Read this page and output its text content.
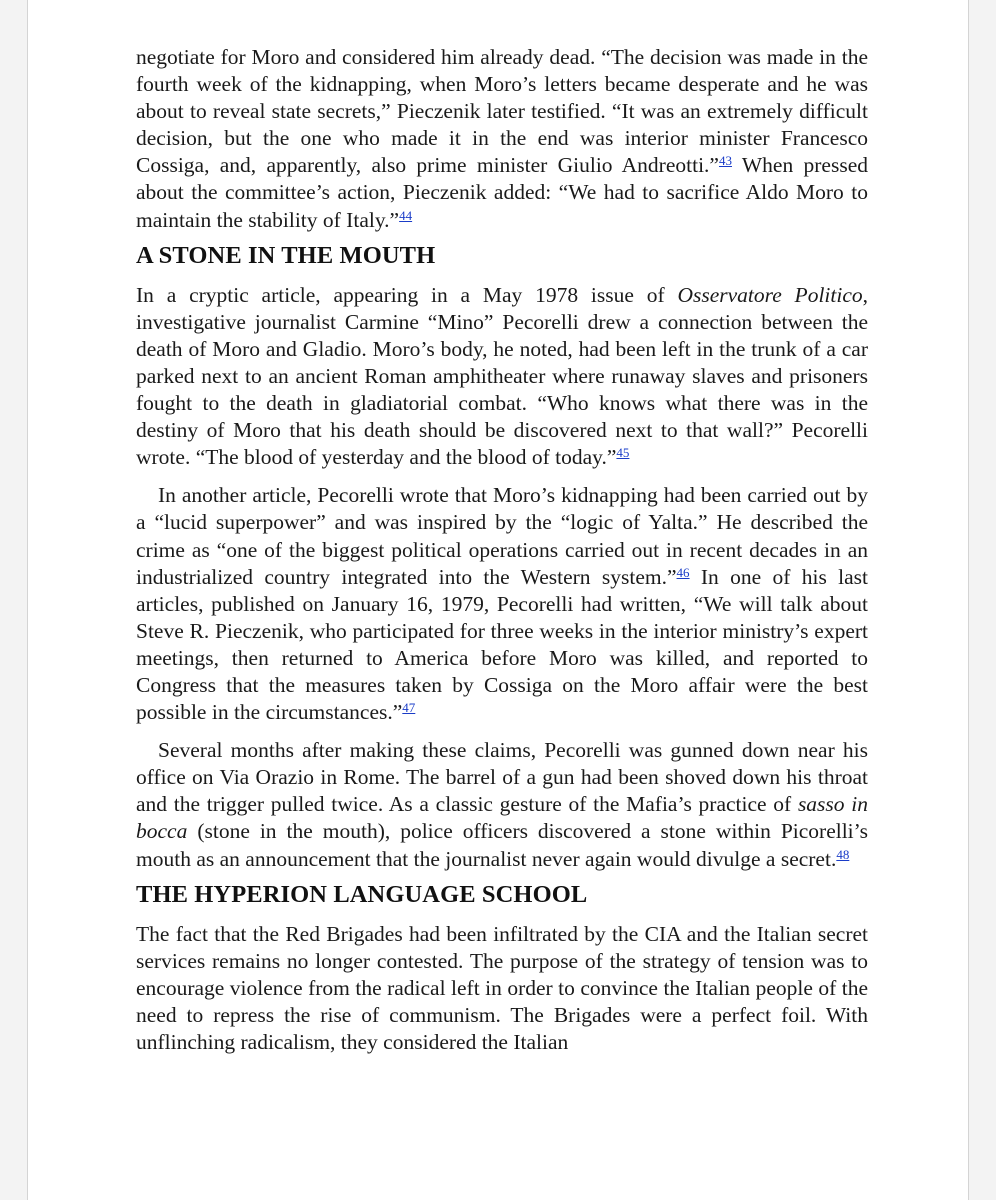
negotiate for Moro and considered him already dead. “The decision was made in the fourth week of the kidnapping, when Moro’s letters became desperate and he was about to reveal state secrets,” Pieczenik later testified. “It was an extremely difficult decision, but the one who made it in the end was interior minister Francesco Cossiga, and, apparently, also prime minister Giulio Andreotti.”$^{43}$ When pressed about the committee’s action, Pieczenik added: “We had to sacrifice Aldo Moro to maintain the stability of Italy.”$^{44}$

A STONE IN THE MOUTH

In a cryptic article, appearing in a May 1978 issue of Osservatore Politico, investigative journalist Carmine “Mino” Pecorelli drew a connection between the death of Moro and Gladio. Moro’s body, he noted, had been left in the trunk of a car parked next to an ancient Roman amphitheater where runaway slaves and prisoners fought to the death in gladiatorial combat. “Who knows what there was in the destiny of Moro that his death should be discovered next to that wall?” Pecorelli wrote. “The blood of yesterday and the blood of today.”$^{45}$

In another article, Pecorelli wrote that Moro’s kidnapping had been carried out by a “lucid superpower” and was inspired by the “logic of Yalta.” He described the crime as “one of the biggest political operations carried out in recent decades in an industrialized country integrated into the Western system.”$^{46}$ In one of his last articles, published on January 16, 1979, Pecorelli had written, “We will talk about Steve R. Pieczenik, who participated for three weeks in the interior ministry’s expert meetings, then returned to America before Moro was killed, and reported to Congress that the measures taken by Cossiga on the Moro affair were the best possible in the circumstances.”$^{47}$

Several months after making these claims, Pecorelli was gunned down near his office on Via Orazio in Rome. The barrel of a gun had been shoved down his throat and the trigger pulled twice. As a classic gesture of the Mafia’s practice of sasso in bocca (stone in the mouth), police officers discovered a stone within Picorelli’s mouth as an announcement that the journalist never again would divulge a secret.$^{48}$

THE HYPERION LANGUAGE SCHOOL

The fact that the Red Brigades had been infiltrated by the CIA and the Italian secret services remains no longer contested. The purpose of the strategy of tension was to encourage violence from the radical left in order to convince the Italian people of the need to repress the rise of communism. The Brigades were a perfect foil. With unflinching radicalism, they considered the Italian
